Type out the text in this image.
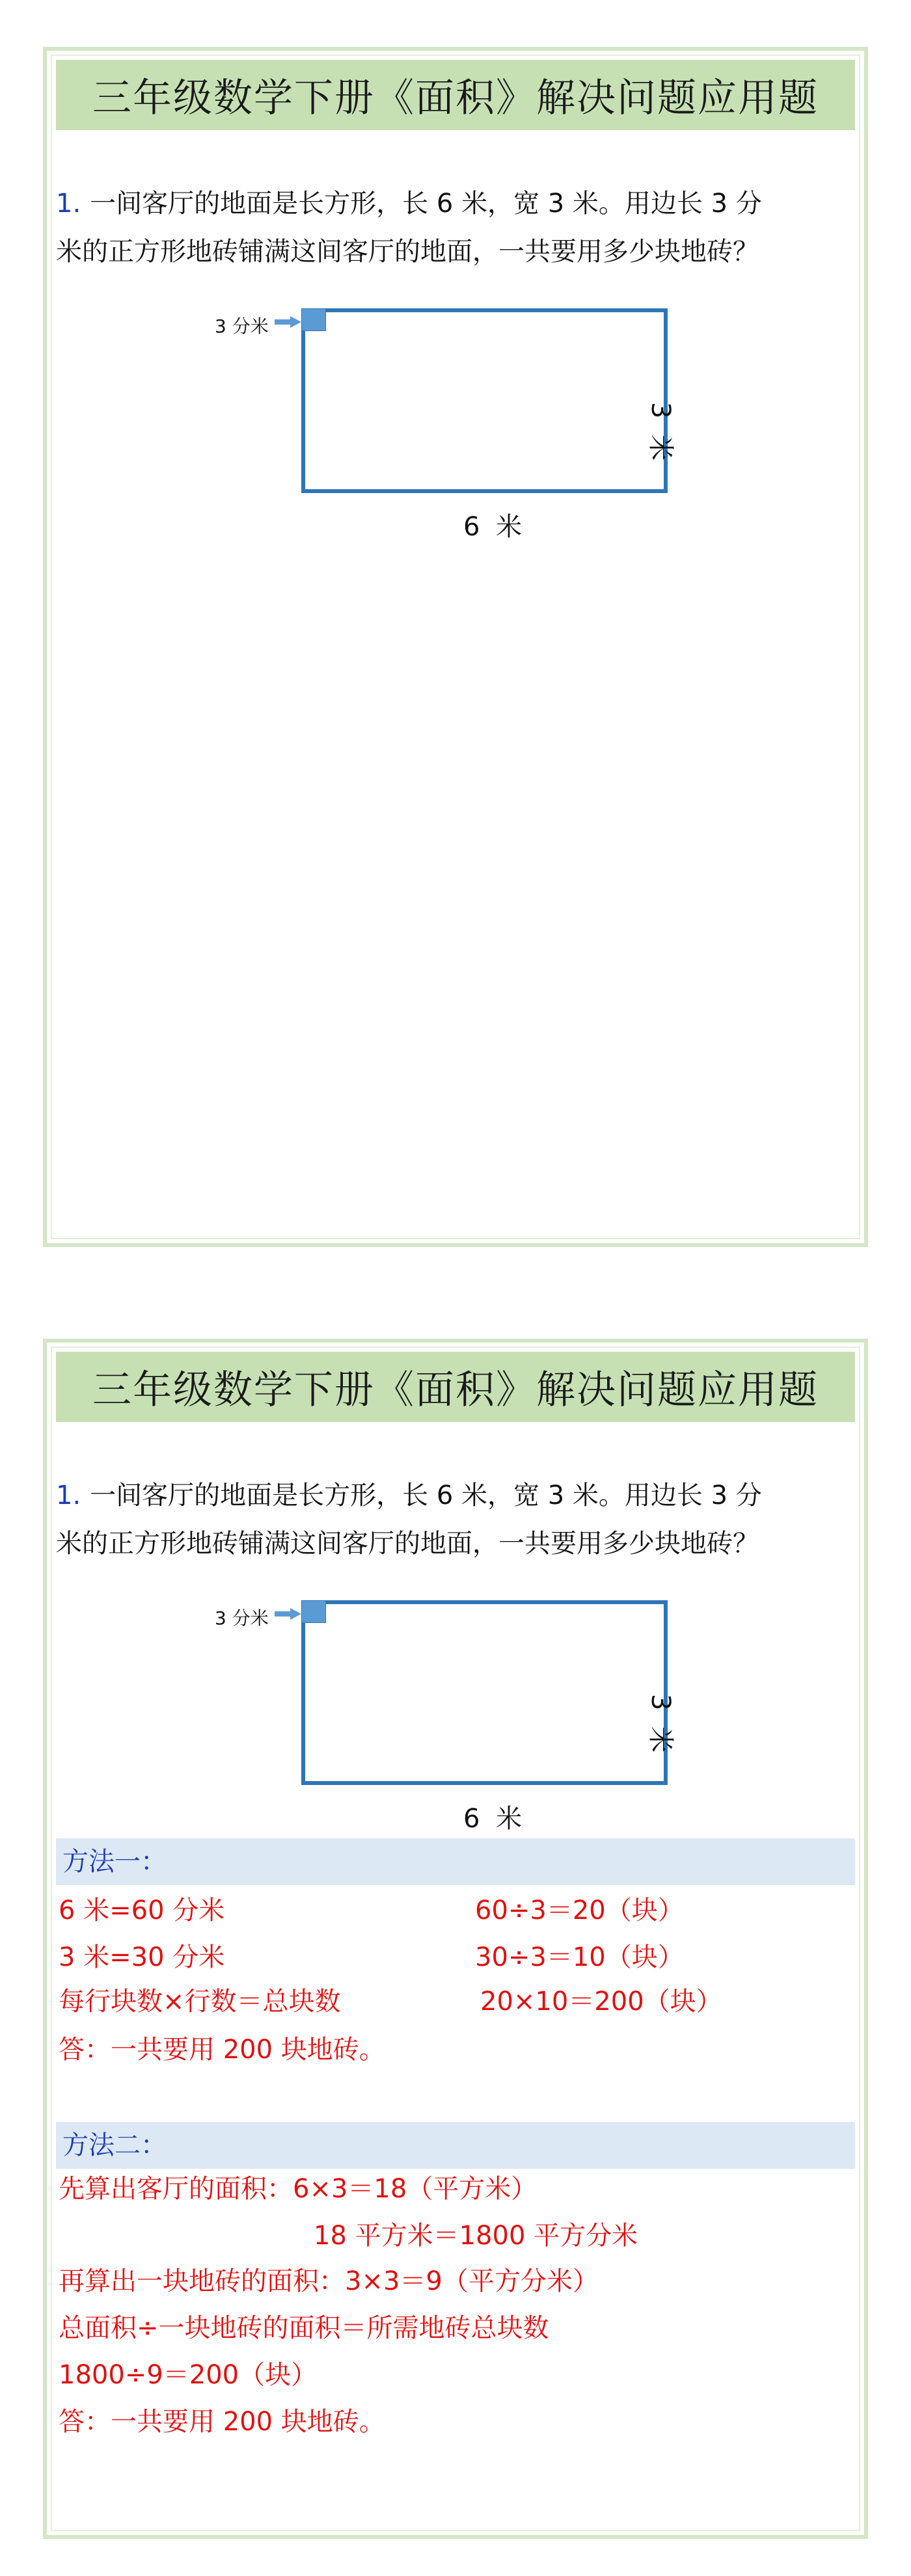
三年级数学下册《面积》解决问题应用题
1. 一间客厅的地面是长方形，长 6 米，宽 3 米。用边长 3 分
米的正方形地砖铺满这间客厅的地面，一共要用多少块地砖？
3 分米
3 米
6 米
三年级数学下册《面积》解决问题应用题
1. 一间客厅的地面是长方形，长 6 米，宽 3 米。用边长 3 分
米的正方形地砖铺满这间客厅的地面，一共要用多少块地砖？
3 分米
3 米
6 米
方法一：
6 米=60 分米	60÷3＝20（块）
3 米=30 分米	30÷3＝10（块）
每行块数×行数＝总块数	20×10＝200（块）
答：一共要用 200 块地砖。
方法二：
先算出客厅的面积：6×3＝18（平方米）
18 平方米＝1800 平方分米
再算出一块地砖的面积：3×3＝9（平方分米）
总面积÷一块地砖的面积＝所需地砖总块数
1800÷9＝200（块）
答：一共要用 200 块地砖。
